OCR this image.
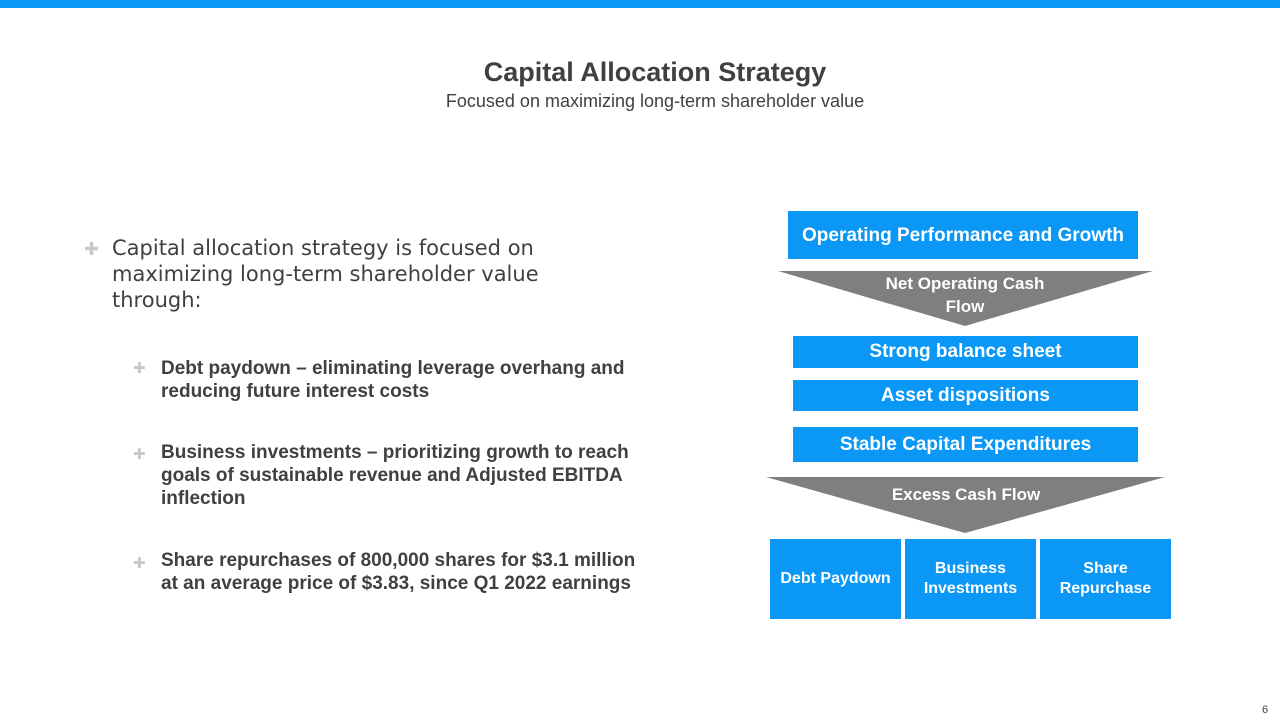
Capital Allocation Strategy
Focused on maximizing long-term shareholder value
✚ Capital allocation strategy is focused on maximizing long-term shareholder value through:
✚ Debt paydown – eliminating leverage overhang and reducing future interest costs
✚ Business investments – prioritizing growth to reach goals of sustainable revenue and Adjusted EBITDA inflection
✚ Share repurchases of 800,000 shares for $3.1 million at an average price of $3.83, since Q1 2022 earnings
Operating Performance and Growth
Net Operating Cash Flow
Strong balance sheet
Asset dispositions
Stable Capital Expenditures
Excess Cash Flow
Debt Paydown
Business Investments
Share Repurchase
6
